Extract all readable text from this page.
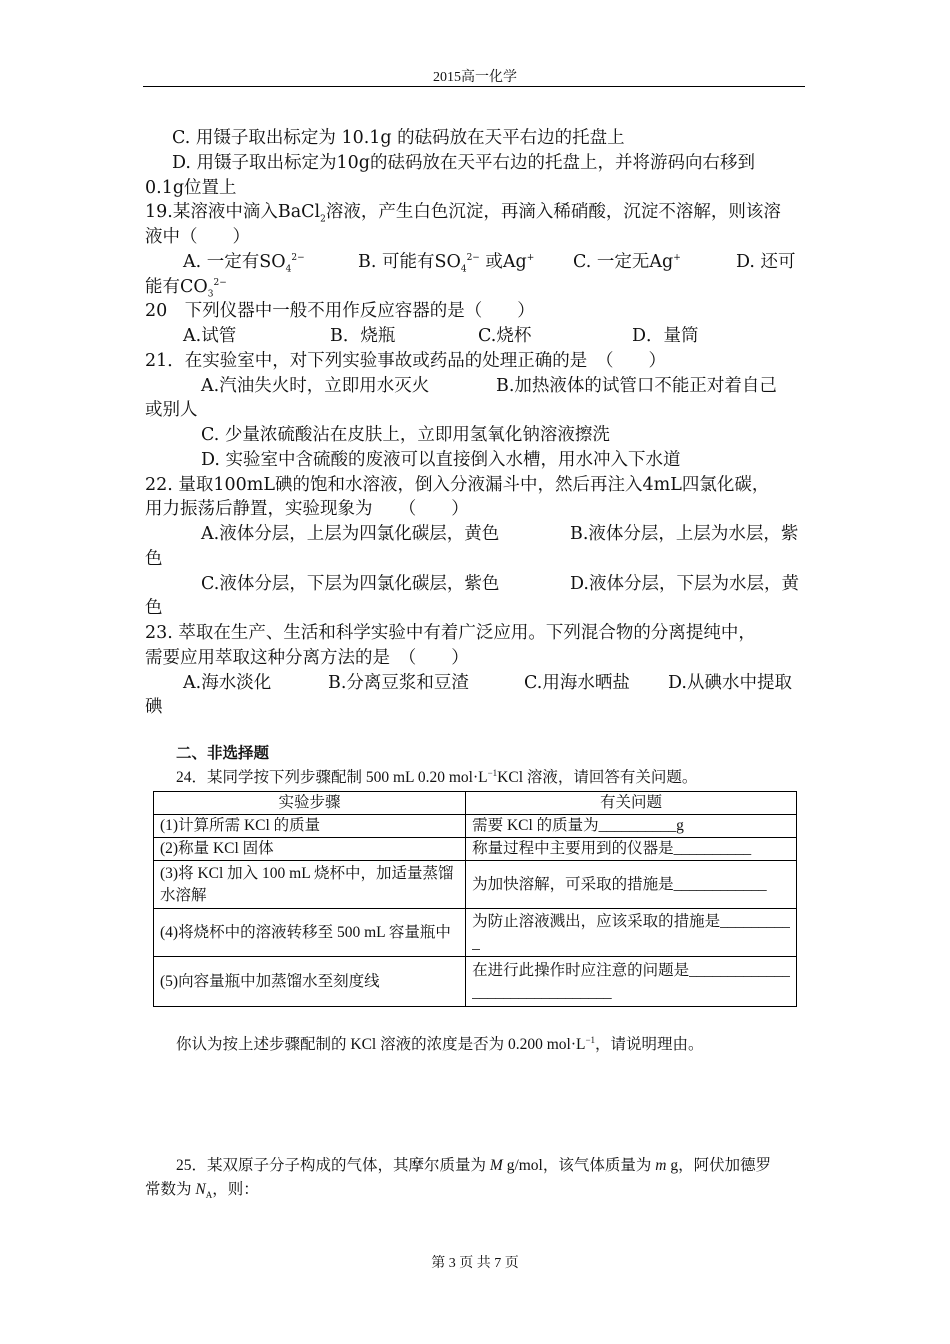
2015高一化学
C. 用镊子取出标定为 10.1g 的砝码放在天平右边的托盘上
D. 用镊子取出标定为10g的砝码放在天平右边的托盘上，并将游码向右移到
0.1g位置上
19.某溶液中滴入BaCl$_2$溶液，产生白色沉淀，再滴入稀硝酸，沉淀不溶解，则该溶
液中（　　）
A. 一定有$SO_4^{2-}$	B. 可能有$SO_4^{2-}$ 或Ag+ C. 一定无Ag+	D. 还可
能有$CO_3^{2-}$
20　下列仪器中一般不用作反应容器的是（　　）
A.试管	B．烧瓶	C.烧杯	D．量筒
21．在实验室中，对下列实验事故或药品的处理正确的是　（　　）
A.汽油失火时，立即用水灭火	B.加热液体的试管口不能正对着自己
或别人
C. 少量浓硫酸沾在皮肤上，立即用氢氧化钠溶液擦洗
D. 实验室中含硫酸的废液可以直接倒入水槽，用水冲入下水道
22. 量取100mL碘的饱和水溶液，倒入分液漏斗中，然后再注入4mL四氯化碳，
用力振荡后静置，实验现象为　　（　　）
A.液体分层，上层为四氯化碳层，黄色	B.液体分层，上层为水层，紫
色
C.液体分层，下层为四氯化碳层，紫色	D.液体分层，下层为水层，黄
色
23. 萃取在生产、生活和科学实验中有着广泛应用。下列混合物的分离提纯中，
需要应用萃取这种分离方法的是　（　　）
A.海水淡化	B.分离豆浆和豆渣	C.用海水晒盐 D.从碘水中提取
碘
二、非选择题
24．某同学按下列步骤配制 500 mL 0.20 $mol\cdot L^{-1}KCl$ 溶液，请回答有关问题。
实验步骤	有关问题
(1)计算所需 KCl 的质量	需要 KCl 的质量为__________g
(2)称量 KCl 固体	称量过程中主要用到的仪器是__________
(3)将 KCl 加入 100 mL 烧杯中，加适量蒸馏水溶解	为加快溶解，可采取的措施是____________
(4)将烧杯中的溶液转移至 500 mL 容量瓶中	为防止溶液溅出，应该采取的措施是__________
(5)向容量瓶中加蒸馏水至刻度线	在进行此操作时应注意的问题是_______________________________
你认为按上述步骤配制的 KCl 溶液的浓度是否为 0.200 $mol\cdot L^{-1}$，请说明理由。
25．某双原子分子构成的气体，其摩尔质量为 M g/mol，该气体质量为 m g，阿伏加德罗
常数为 $N_A$，则：
第 3 页 共 7 页
